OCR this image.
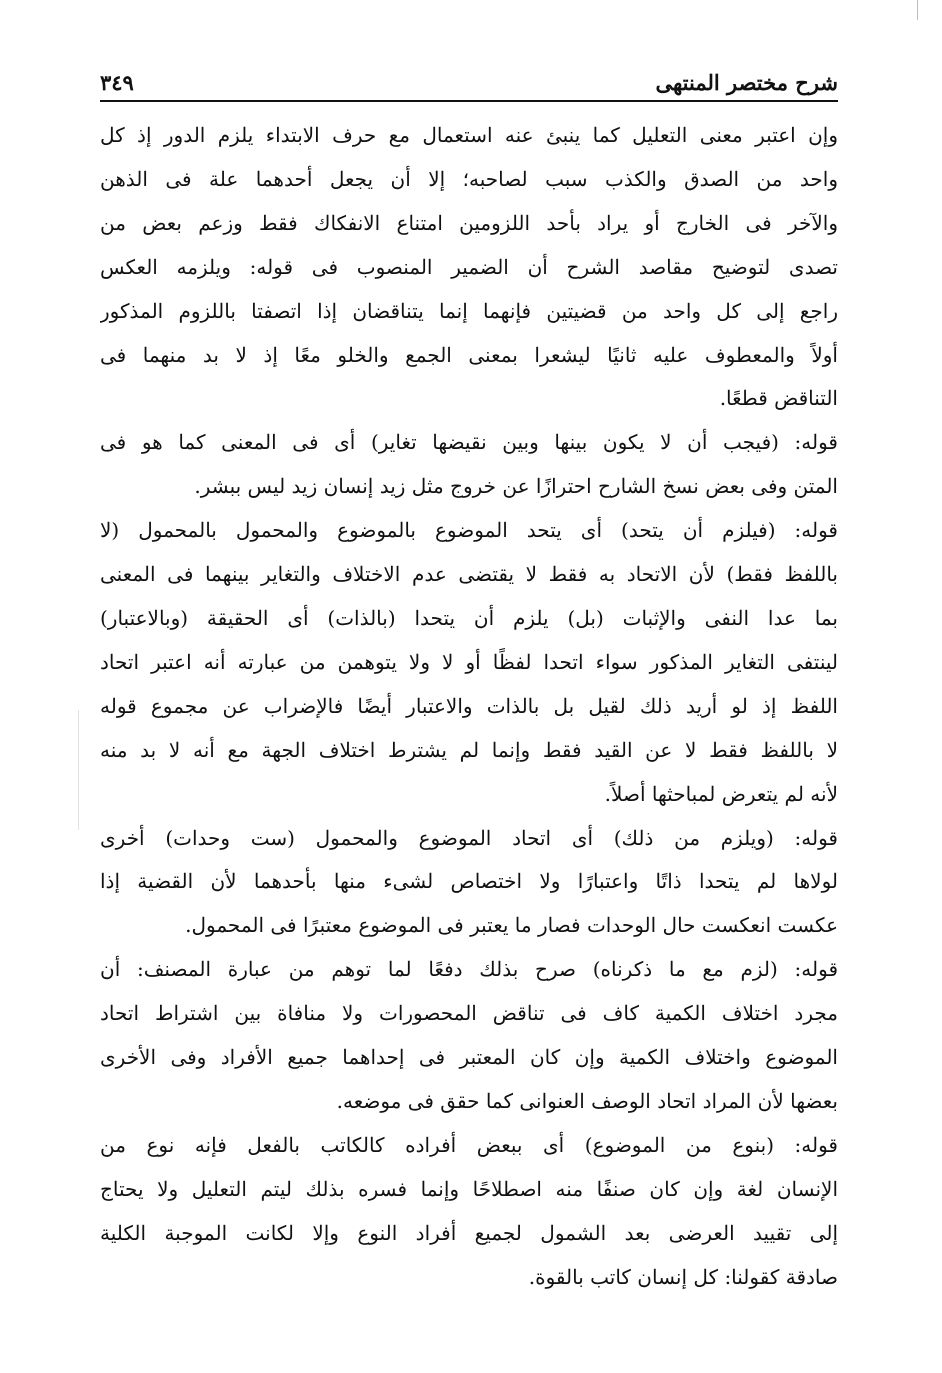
شرح مختصر المنتهى
٣٤٩
وإن اعتبر معنى التعليل كما ينبئ عنه استعمال مع حرف الابتداء يلزم الدور إذ كل
واحد من الصدق والكذب سبب لصاحبه؛ إلا أن يجعل أحدهما علة فى الذهن
والآخر فى الخارج أو يراد بأحد اللزومين امتناع الانفكاك فقط وزعم بعض من
تصدى لتوضيح مقاصد الشرح أن الضمير المنصوب فى قوله: ويلزمه العكس
راجع إلى كل واحد من قضيتين فإنهما إنما يتناقضان إذا اتصفتا باللزوم المذكور
أولاً والمعطوف عليه ثانيًا ليشعرا بمعنى الجمع والخلو معًا إذ لا بد منهما فى
التناقض قطعًا.
قوله: (فيجب أن لا يكون بينها وبين نقيضها تغاير) أى فى المعنى كما هو فى
المتن وفى بعض نسخ الشارح احترازًا عن خروج مثل زيد إنسان زيد ليس ببشر.
قوله: (فيلزم أن يتحد) أى يتحد الموضوع بالموضوع والمحمول بالمحمول (لا
باللفظ فقط) لأن الاتحاد به فقط لا يقتضى عدم الاختلاف والتغاير بينهما فى المعنى
بما عدا النفى والإثبات (بل) يلزم أن يتحدا (بالذات) أى الحقيقة (وبالاعتبار)
لينتفى التغاير المذكور سواء اتحدا لفظًا أو لا ولا يتوهمن من عبارته أنه اعتبر اتحاد
اللفظ إذ لو أريد ذلك لقيل بل بالذات والاعتبار أيضًا فالإضراب عن مجموع قوله
لا باللفظ فقط لا عن القيد فقط وإنما لم يشترط اختلاف الجهة مع أنه لا بد منه
لأنه لم يتعرض لمباحثها أصلاً.
قوله: (ويلزم من ذلك) أى اتحاد الموضوع والمحمول (ست وحدات) أخرى
لولاها لم يتحدا ذاتًا واعتبارًا ولا اختصاص لشىء منها بأحدهما لأن القضية إذا
عكست انعكست حال الوحدات فصار ما يعتبر فى الموضوع معتبرًا فى المحمول.
قوله: (لزم مع ما ذكرناه) صرح بذلك دفعًا لما توهم من عبارة المصنف: أن
مجرد اختلاف الكمية كاف فى تناقض المحصورات ولا منافاة بين اشتراط اتحاد
الموضوع واختلاف الكمية وإن كان المعتبر فى إحداهما جميع الأفراد وفى الأخرى
بعضها لأن المراد اتحاد الوصف العنوانى كما حقق فى موضعه.
قوله: (بنوع من الموضوع) أى ببعض أفراده كالكاتب بالفعل فإنه نوع من
الإنسان لغة وإن كان صنفًا منه اصطلاحًا وإنما فسره بذلك ليتم التعليل ولا يحتاج
إلى تقييد العرضى بعد الشمول لجميع أفراد النوع وإلا لكانت الموجبة الكلية
صادقة كقولنا: كل إنسان كاتب بالقوة.
